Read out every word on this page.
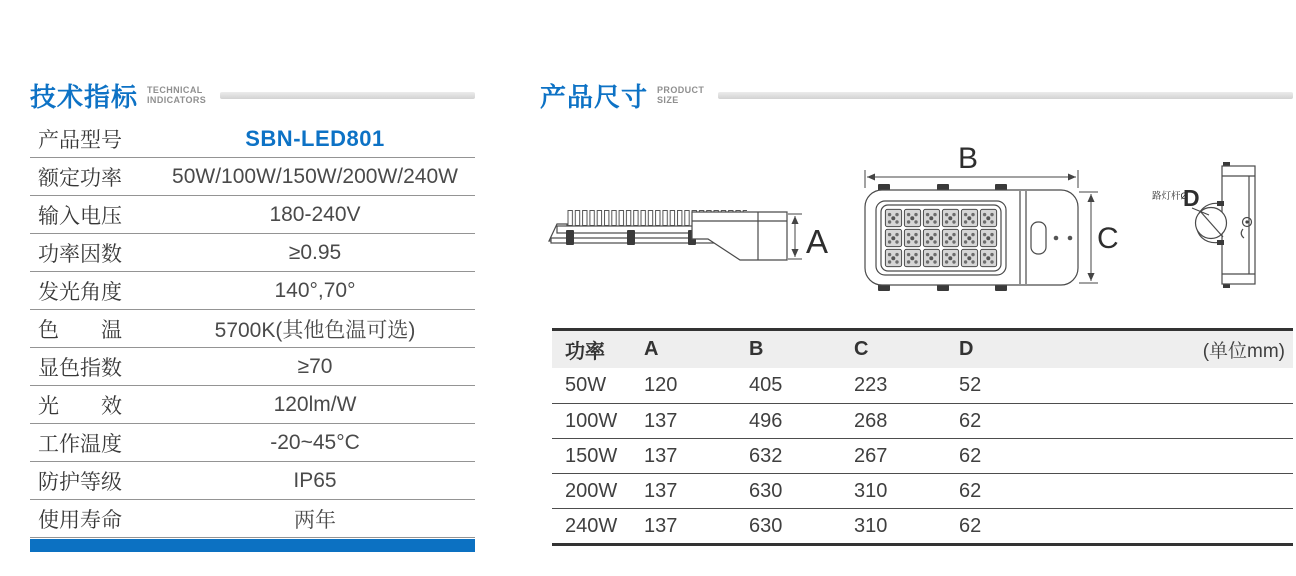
技术指标 TECHNICAL
INDICATORS
产品型号	SBN-LED801
额定功率	50W/100W/150W/200W/240W
输入电压	180-240V
功率因数	≥0.95
发光角度	140°,70°
色　　温	5700K(其他色温可选)
显色指数	≥70
光　　效	120lm/W
工作温度	-20~45°C
防护等级	IP65
使用寿命	两年
产品尺寸 PRODUCT
SIZE
A
B
C
路灯杆Ø
D
功率	A	B	C	D	(单位mm)
50W	120	405	223	52
100W	137	496	268	62
150W	137	632	267	62
200W	137	630	310	62
240W	137	630	310	62
